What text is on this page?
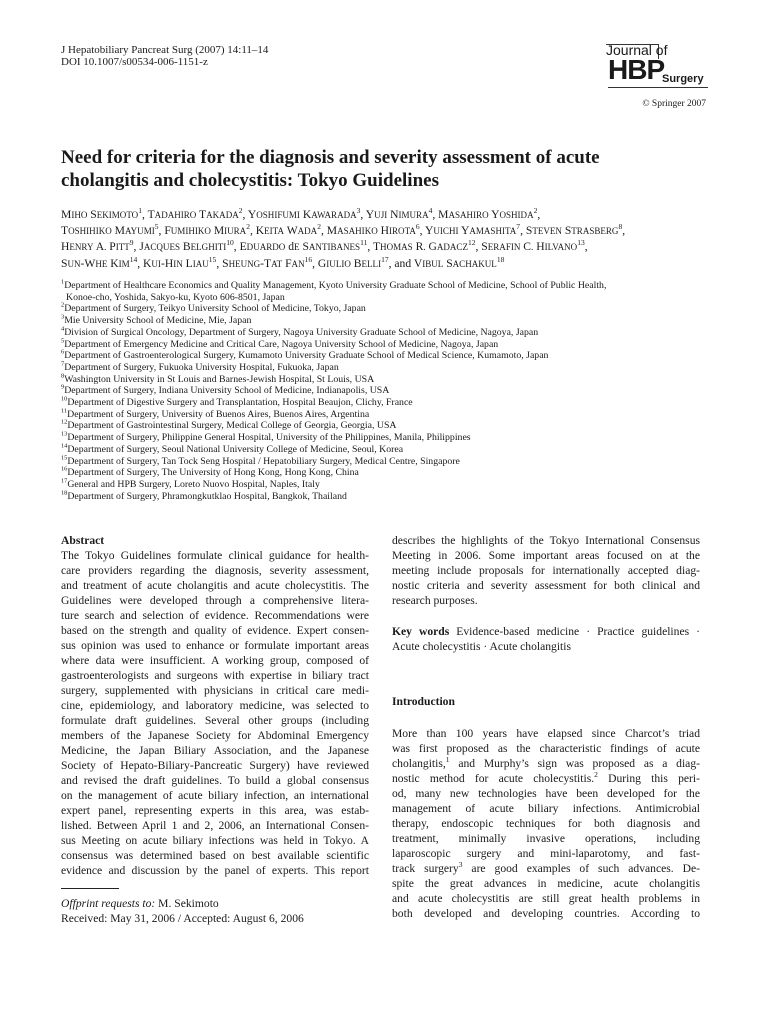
J Hepatobiliary Pancreat Surg (2007) 14:11–14
DOI 10.1007/s00534-006-1151-z
Journal of
HBP
Surgery
© Springer 2007
Need for criteria for the diagnosis and severity assessment of acute
cholangitis and cholecystitis: Tokyo Guidelines

MIHO SEKIMOTO$^1$, TADAHIRO TAKADA$^2$, YOSHIFUMI KAWARADA$^3$, YUJI NIMURA$^4$, MASAHIRO YOSHIDA$^2$,

TOSHIHIKO MAYUMI$^5$, FUMIHIKO MIURA$^2$, KEITA WADA$^2$, MASAHIKO HIROTA$^6$, YUICHI YAMASHITA$^7$, STEVEN STRASBERG$^8$,

HENRY A. PITT$^9$, JACQUES BELGHITI$^{10}$, EDUARDO dE SANTIBANES$^{11}$, THOMAS R. GADACZ$^{12}$, SERAFIN C. HILVANO$^{13}$,

SUN-WHE KIM$^{14}$, KUI-HIN LIAU$^{15}$, SHEUNG-TAT FAN$^{16}$, GIULIO BELLI$^{17}$, and VIBUL SACHAKUL$^{18}$

$^1$Department of Healthcare Economics and Quality Management, Kyoto University Graduate School of Medicine, School of Public Health,

Konoe-cho, Yoshida, Sakyo-ku, Kyoto 606-8501, Japan

$^2$Department of Surgery, Teikyo University School of Medicine, Tokyo, Japan

$^3$Mie University School of Medicine, Mie, Japan

$^4$Division of Surgical Oncology, Department of Surgery, Nagoya University Graduate School of Medicine, Nagoya, Japan

$^5$Department of Emergency Medicine and Critical Care, Nagoya University School of Medicine, Nagoya, Japan

$^6$Department of Gastroenterological Surgery, Kumamoto University Graduate School of Medical Science, Kumamoto, Japan

$^7$Department of Surgery, Fukuoka University Hospital, Fukuoka, Japan

$^8$Washington University in St Louis and Barnes-Jewish Hospital, St Louis, USA

$^9$Department of Surgery, Indiana University School of Medicine, Indianapolis, USA

$^{10}$Department of Digestive Surgery and Transplantation, Hospital Beaujon, Clichy, France

$^{11}$Department of Surgery, University of Buenos Aires, Buenos Aires, Argentina

$^{12}$Department of Gastrointestinal Surgery, Medical College of Georgia, Georgia, USA

$^{13}$Department of Surgery, Philippine General Hospital, University of the Philippines, Manila, Philippines

$^{14}$Department of Surgery, Seoul National University College of Medicine, Seoul, Korea

$^{15}$Department of Surgery, Tan Tock Seng Hospital / Hepatobiliary Surgery, Medical Centre, Singapore

$^{16}$Department of Surgery, The University of Hong Kong, Hong Kong, China

$^{17}$General and HPB Surgery, Loreto Nuovo Hospital, Naples, Italy

$^{18}$Department of Surgery, Phramongkutklao Hospital, Bangkok, Thailand

Abstract
The Tokyo Guidelines formulate clinical guidance for health-
care providers regarding the diagnosis, severity assessment,
and treatment of acute cholangitis and acute cholecystitis. The
Guidelines were developed through a comprehensive litera-
ture search and selection of evidence. Recommendations were
based on the strength and quality of evidence. Expert consen-
sus opinion was used to enhance or formulate important areas
where data were insufficient. A working group, composed of
gastroenterologists and surgeons with expertise in biliary tract
surgery, supplemented with physicians in critical care medi-
cine, epidemiology, and laboratory medicine, was selected to
formulate draft guidelines. Several other groups (including
members of the Japanese Society for Abdominal Emergency
Medicine, the Japan Biliary Association, and the Japanese
Society of Hepato-Biliary-Pancreatic Surgery) have reviewed
and revised the draft guidelines. To build a global consensus
on the management of acute biliary infection, an international
expert panel, representing experts in this area, was estab-
lished. Between April 1 and 2, 2006, an International Consen-
sus Meeting on acute biliary infections was held in Tokyo. A
consensus was determined based on best available scientific
evidence and discussion by the panel of experts. This report
Offprint requests to: M. Sekimoto
Received: May 31, 2006 / Accepted: August 6, 2006
describes the highlights of the Tokyo International Consensus
Meeting in 2006. Some important areas focused on at the
meeting include proposals for internationally accepted diag-
nostic criteria and severity assessment for both clinical and
research purposes.
Key words Evidence-based medicine · Practice guidelines ·
Acute cholecystitis · Acute cholangitis
Introduction
More than 100 years have elapsed since Charcot’s triad
was first proposed as the characteristic findings of acute
cholangitis,$^1$ and Murphy’s sign was proposed as a diag-
nostic method for acute cholecystitis.$^2$ During this peri-
od, many new technologies have been developed for the
management of acute biliary infections. Antimicrobial
therapy, endoscopic techniques for both diagnosis and
treatment, minimally invasive operations, including
laparoscopic surgery and mini-laparotomy, and fast-
track surgery$^3$ are good examples of such advances. De-
spite the great advances in medicine, acute cholangitis
and acute cholecystitis are still great health problems in
both developed and developing countries. According to
